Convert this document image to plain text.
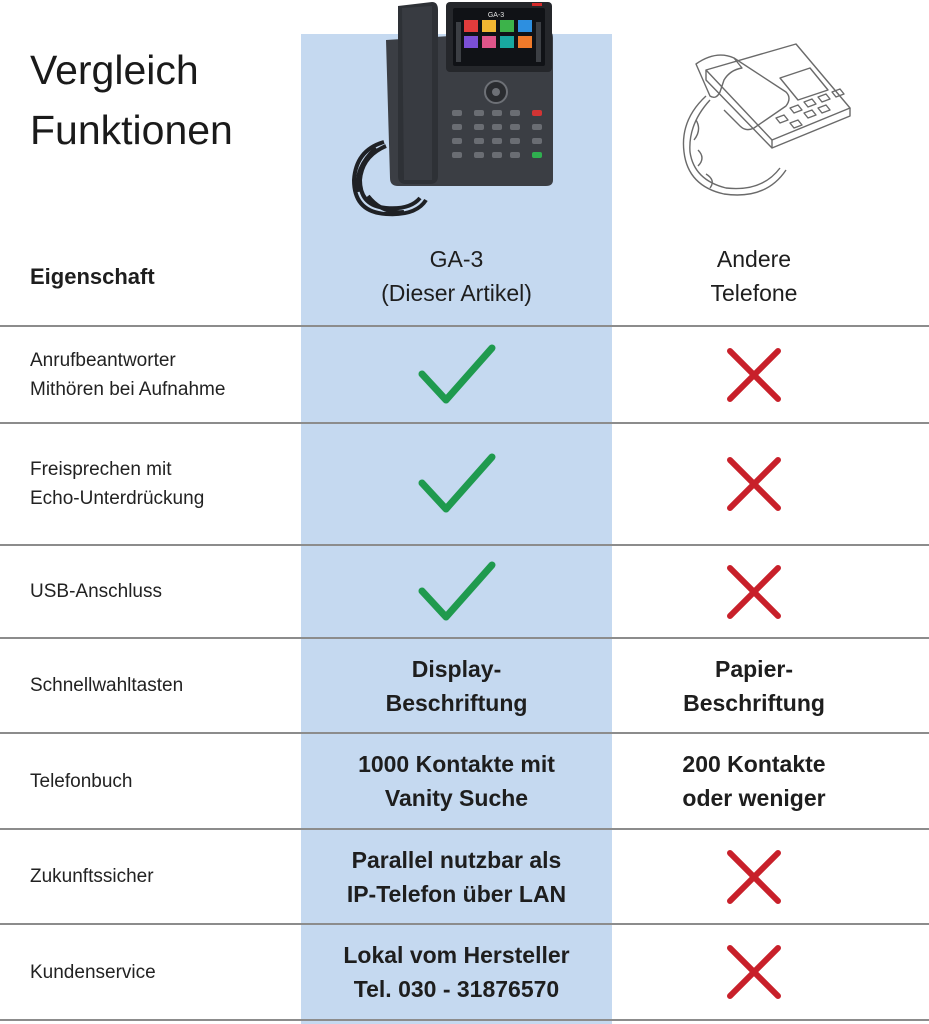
Vergleich
Funktionen
GA-3
Eigenschaft
GA-3
(Dieser Artikel)
Andere
Telefone
Anrufbeantworter
Mithören bei Aufnahme
Freisprechen mit
Echo-Unterdrückung
USB-Anschluss
Schnellwahltasten
Display-
Beschriftung
Papier-
Beschriftung
Telefonbuch
1000 Kontakte mit
Vanity Suche
200 Kontakte
oder weniger
Zukunftssicher
Parallel nutzbar als
IP-Telefon über LAN
Kundenservice
Lokal vom Hersteller
Tel. 030 - 31876570
